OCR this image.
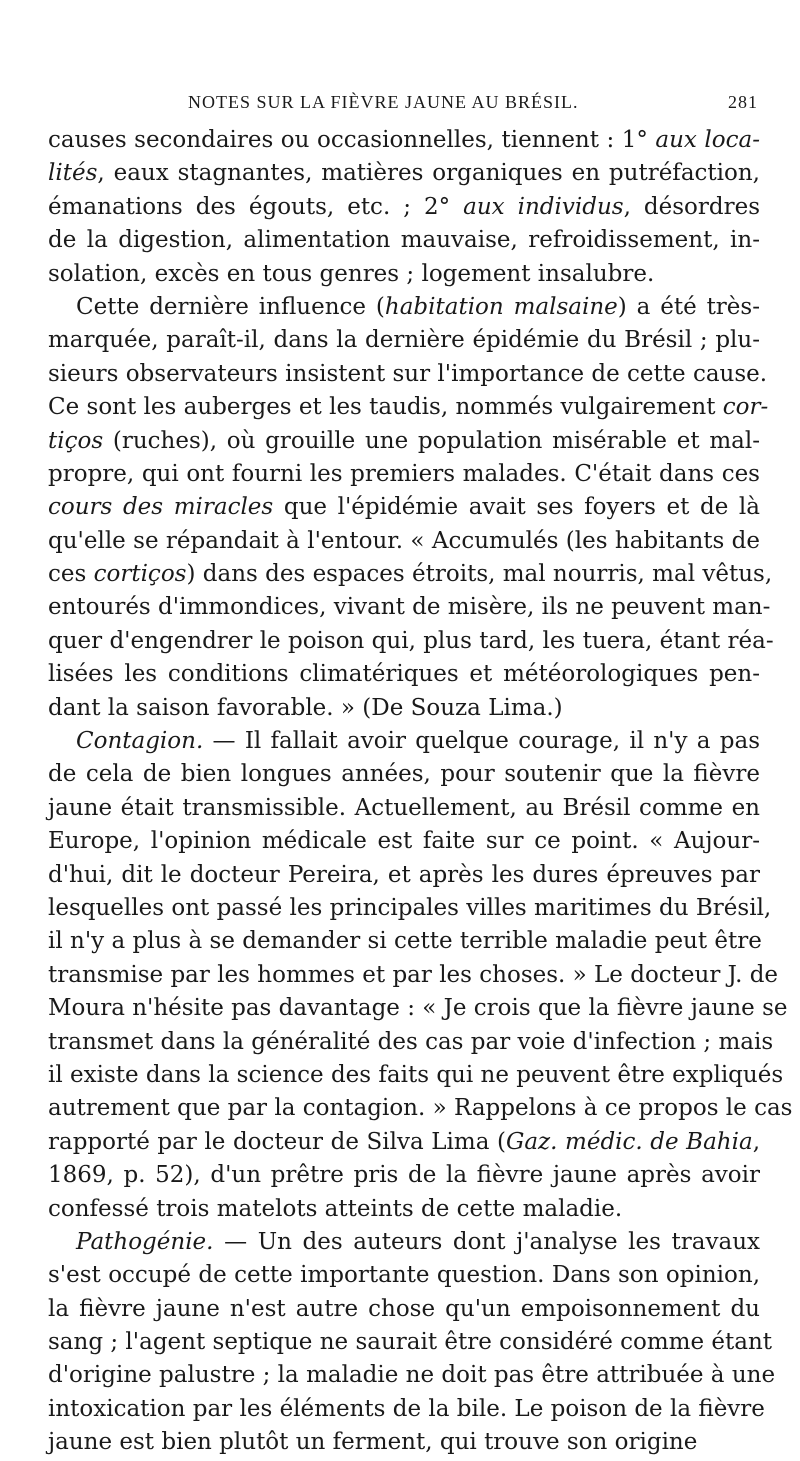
NOTES SUR LA FIÈVRE JAUNE AU BRÉSIL.	281
causes secondaires ou occasionnelles, tiennent : 1° aux loca-
lités, eaux stagnantes, matières organiques en putréfaction,
émanations des égouts, etc. ; 2° aux individus, désordres
de la digestion, alimentation mauvaise, refroidissement, in-
solation, excès en tous genres ; logement insalubre.
Cette dernière influence (habitation malsaine) a été très-
marquée, paraît-il, dans la dernière épidémie du Brésil ; plu-
sieurs observateurs insistent sur l'importance de cette cause.
Ce sont les auberges et les taudis, nommés vulgairement cor-
tiços (ruches), où grouille une population misérable et mal-
propre, qui ont fourni les premiers malades. C'était dans ces
cours des miracles que l'épidémie avait ses foyers et de là
qu'elle se répandait à l'entour. « Accumulés (les habitants de
ces cortiços) dans des espaces étroits, mal nourris, mal vêtus,
entourés d'immondices, vivant de misère, ils ne peuvent man-
quer d'engendrer le poison qui, plus tard, les tuera, étant réa-
lisées les conditions climatériques et météorologiques pen-
dant la saison favorable. » (De Souza Lima.)
Contagion. — Il fallait avoir quelque courage, il n'y a pas
de cela de bien longues années, pour soutenir que la fièvre
jaune était transmissible. Actuellement, au Brésil comme en
Europe, l'opinion médicale est faite sur ce point. « Aujour-
d'hui, dit le docteur Pereira, et après les dures épreuves par
lesquelles ont passé les principales villes maritimes du Brésil,
il n'y a plus à se demander si cette terrible maladie peut être
transmise par les hommes et par les choses. » Le docteur J. de
Moura n'hésite pas davantage : « Je crois que la fièvre jaune se
transmet dans la généralité des cas par voie d'infection ; mais
il existe dans la science des faits qui ne peuvent être expliqués
autrement que par la contagion. » Rappelons à ce propos le cas
rapporté par le docteur de Silva Lima (Gaz. médic. de Bahia,
1869, p. 52), d'un prêtre pris de la fièvre jaune après avoir
confessé trois matelots atteints de cette maladie.
Pathogénie. — Un des auteurs dont j'analyse les travaux
s'est occupé de cette importante question. Dans son opinion,
la fièvre jaune n'est autre chose qu'un empoisonnement du
sang ; l'agent septique ne saurait être considéré comme étant
d'origine palustre ; la maladie ne doit pas être attribuée à une
intoxication par les éléments de la bile. Le poison de la fièvre
jaune est bien plutôt un ferment, qui trouve son origine
